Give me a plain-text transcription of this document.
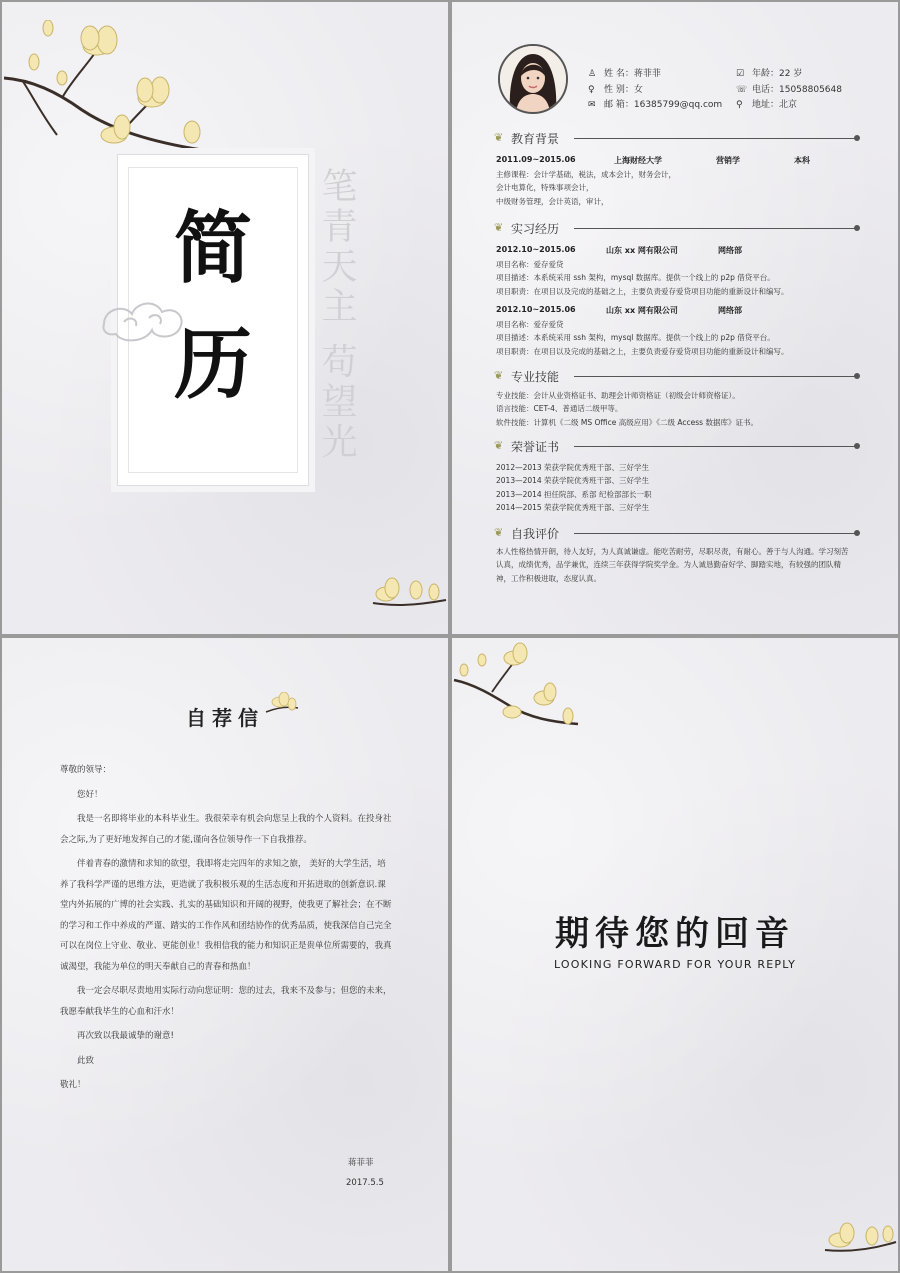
笔青天主 苟望光
简
历
♙ 姓 名：蒋菲菲
♀ 性 别：女
✉ 邮 箱：16385799@qq.com
☑ 年龄：22 岁
☏ 电话：15058805648
⚲ 地址：北京
❦ 教育背景
2011.09~2015.06	上海财经大学	营销学	本科
主修课程：会计学基础，税法，成本会计，财务会计，
会计电算化，特殊事项会计，
中级财务管理，会计英语，审计，
❦ 实习经历
2012.10~2015.06	山东 xx 网有限公司	网络部
项目名称：爱存爱贷
项目描述：本系统采用 ssh 架构，mysql 数据库。提供一个线上的 p2p 借贷平台。
项目职责：在项目以及完成的基础之上，主要负责爱存爱贷项目功能的重新设计和编写。
2012.10~2015.06	山东 xx 网有限公司	网络部
项目名称：爱存爱贷
项目描述：本系统采用 ssh 架构，mysql 数据库。提供一个线上的 p2p 借贷平台。
项目职责：在项目以及完成的基础之上，主要负责爱存爱贷项目功能的重新设计和编写。
❦ 专业技能
专业技能：会计从业资格证书、助理会计师资格证（初级会计师资格证）。
语言技能：CET-4、普通话二级甲等。
软件技能：计算机《二级 MS Office 高级应用》《二级 Access 数据库》证书。
❦ 荣誉证书
2012—2013 荣获学院优秀班干部、三好学生
2013—2014 荣获学院优秀班干部、三好学生
2013—2014 担任院部、系部 纪检部部长一职
2014—2015 荣获学院优秀班干部、三好学生
❦ 自我评价
本人性格热情开朗，待人友好，为人真诚谦虚。能吃苦耐劳，尽职尽责，有耐心。善于与人沟通。学习刻苦认真，成绩优秀，品学兼优，连续三年获得学院奖学金。为人诚恳勤奋好学、脚踏实地，有较强的团队精神，工作积极进取，态度认真。
自荐信
尊敬的领导：

您好！

我是一名即将毕业的本科毕业生。我很荣幸有机会向您呈上我的个人资料。在投身社会之际,为了更好地发挥自己的才能,谨向各位领导作一下自我推荐。

伴着青春的激情和求知的欲望，我即将走完四年的求知之旅， 美好的大学生活，培养了我科学严谨的思维方法，更造就了我积极乐观的生活态度和开拓进取的创新意识.课堂内外拓展的广博的社会实践、扎实的基础知识和开阔的视野，使我更了解社会；在不断的学习和工作中养成的严谨、踏实的工作作风和团结协作的优秀品质，使我深信自己完全可以在岗位上守业、敬业、更能创业！我相信我的能力和知识正是贵单位所需要的，我真诚渴望，我能为单位的明天奉献自己的青春和热血！

我一定会尽职尽责地用实际行动向您证明：您的过去，我来不及参与；但您的未来，我愿奉献我毕生的心血和汗水！

再次致以我最诚挚的谢意!

此致

敬礼！
蒋菲菲
2017.5.5
期待您的回音
LOOKING FORWARD FOR YOUR REPLY
